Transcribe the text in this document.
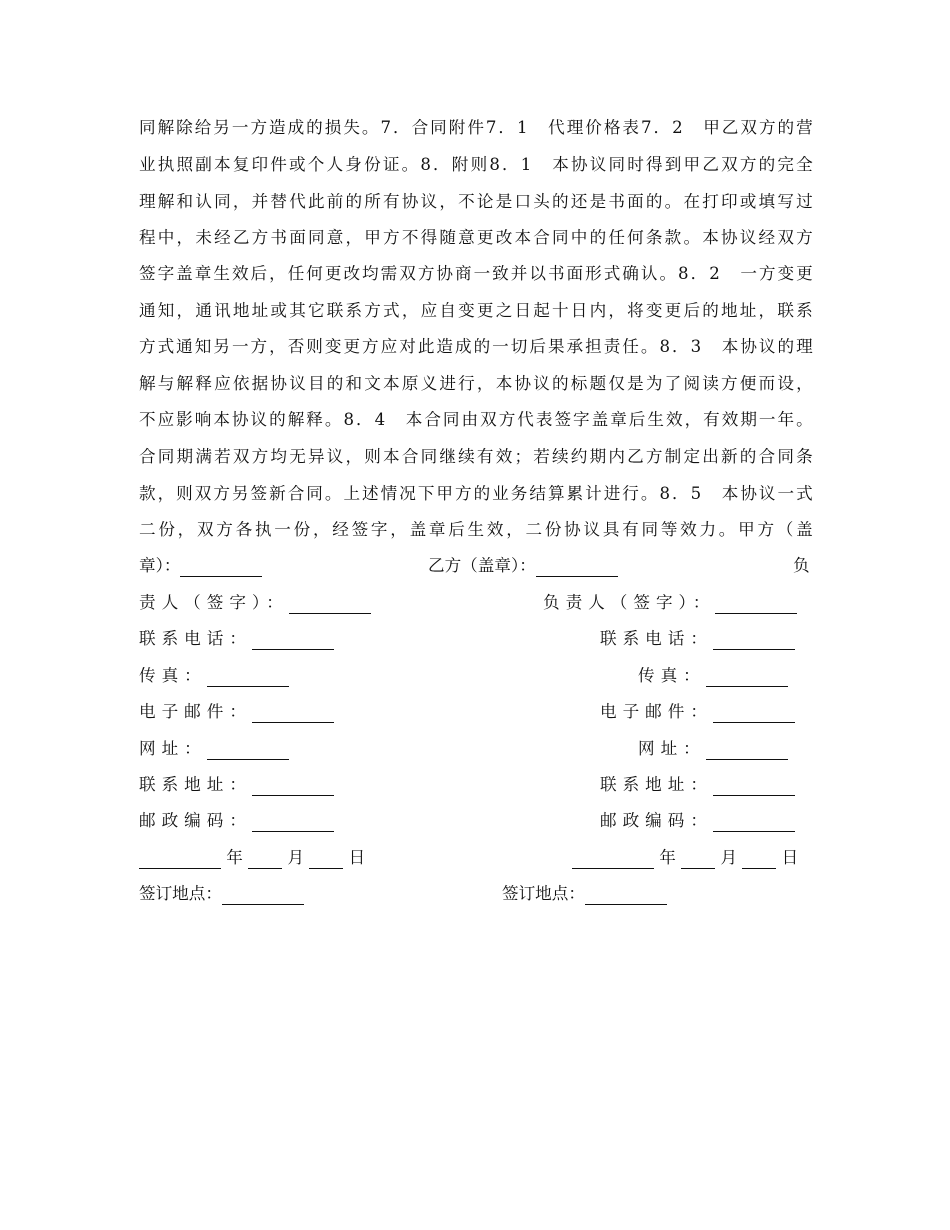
同解除给另一方造成的损失。7．合同附件7．1　代理价格表7．2　甲乙双方的营
业执照副本复印件或个人身份证。8．附则8．1　本协议同时得到甲乙双方的完全
理解和认同，并替代此前的所有协议，不论是口头的还是书面的。在打印或填写过
程中，未经乙方书面同意，甲方不得随意更改本合同中的任何条款。本协议经双方
签字盖章生效后，任何更改均需双方协商一致并以书面形式确认。8．2　一方变更
通知，通讯地址或其它联系方式，应自变更之日起十日内，将变更后的地址，联系
方式通知另一方，否则变更方应对此造成的一切后果承担责任。8．3　本协议的理
解与解释应依据协议目的和文本原义进行，本协议的标题仅是为了阅读方便而设，
不应影响本协议的解释。8．4　本合同由双方代表签字盖章后生效，有效期一年。
合同期满若双方均无异议，则本合同继续有效；若续约期内乙方制定出新的合同条
款，则双方另签新合同。上述情况下甲方的业务结算累计进行。8．5　本协议一式
二份，双方各执一份，经签字，盖章后生效，二份协议具有同等效力。甲方（盖
章）：	乙方（盖章）：	负
责人（签字）：	负责人（签字）：
联系电话：	联系电话：
传真：	传真：
电子邮件：	电子邮件：
网址：	网址：
联系地址：	联系地址：
邮政编码：	邮政编码：
年	月	日	年	月	日
签订地点：	签订地点：
